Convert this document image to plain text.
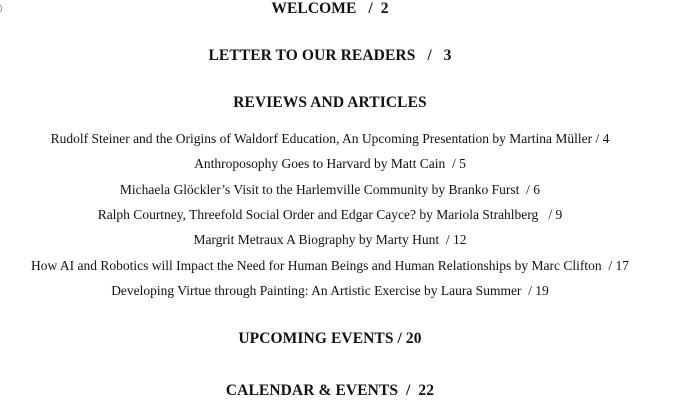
WELCOME   /  2
LETTER TO OUR READERS   /   3
REVIEWS AND ARTICLES
Rudolf Steiner and the Origins of Waldorf Education, An Upcoming Presentation by Martina Müller / 4
Anthroposophy Goes to Harvard by Matt Cain  / 5
Michaela Glöckler’s Visit to the Harlemville Community by Branko Furst  / 6
Ralph Courtney, Threefold Social Order and Edgar Cayce? by Mariola Strahlberg   / 9
Margrit Metraux A Biography by Marty Hunt  / 12
How AI and Robotics will Impact the Need for Human Beings and Human Relationships by Marc Clifton  / 17
Developing Virtue through Painting: An Artistic Exercise by Laura Summer  / 19
UPCOMING EVENTS / 20
CALENDAR & EVENTS  /  22
